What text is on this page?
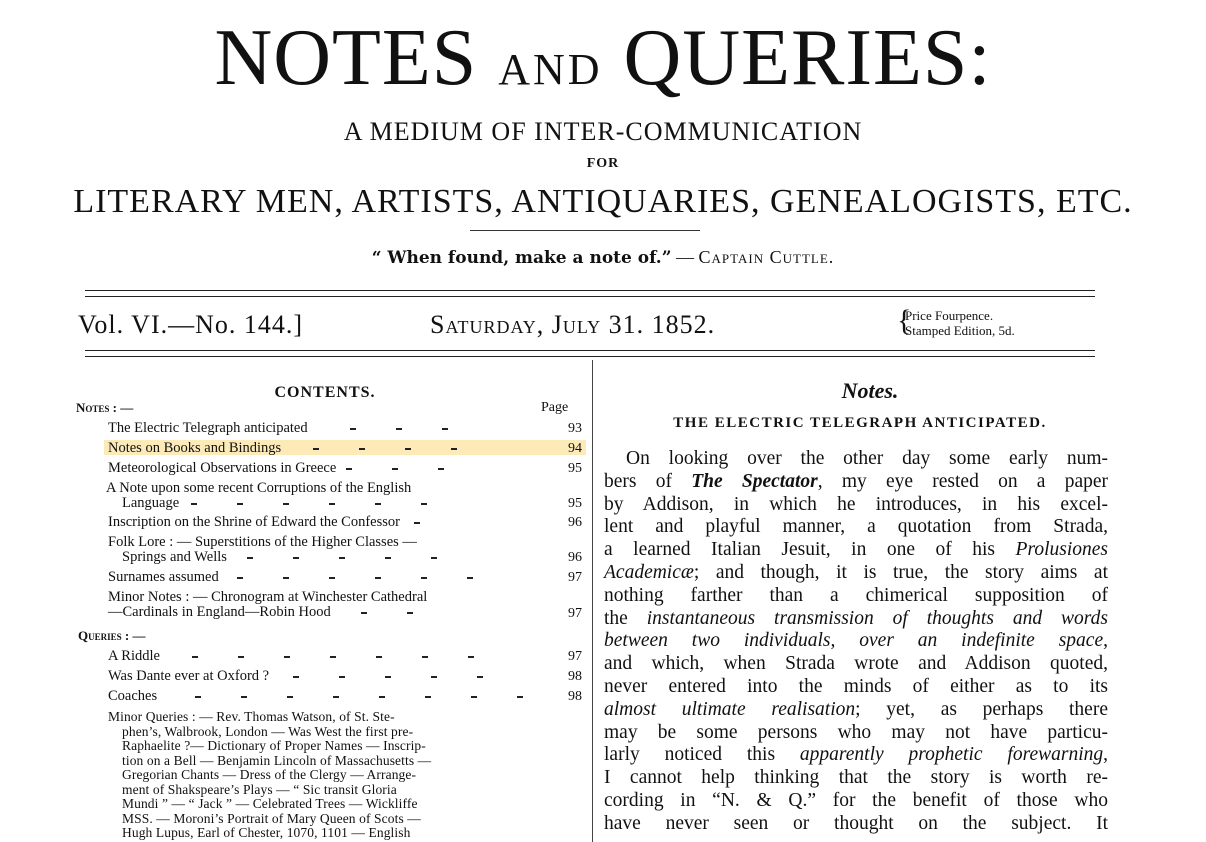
NOTES AND QUERIES:
A MEDIUM OF INTER-COMMUNICATION
FOR
LITERARY MEN, ARTISTS, ANTIQUARIES, GENEALOGISTS, ETC.
“ When found, make a note of.” — Captain Cuttle.
Vol. VI.—No. 144.]	Saturday, July 31. 1852.	{
Price Fourpence.
Stamped Edition, 5d.
CONTENTS.
Notes : —	Page
The Electric Telegraph anticipated	93
Notes on Books and Bindings	94
Meteorological Observations in Greece	95
A Note upon some recent Corruptions of the English
Language	95
Inscription on the Shrine of Edward the Confessor	96
Folk Lore : — Superstitions of the Higher Classes —
Springs and Wells	96
Surnames assumed	97
Minor Notes : — Chronogram at Winchester Cathedral
—Cardinals in England—Robin Hood	97
Queries : —
A Riddle	97
Was Dante ever at Oxford ?	98
Coaches	98
Minor Queries : — Rev. Thomas Watson, of St. Ste-
phen’s, Walbrook, London — Was West the first pre-
Raphaelite ?— Dictionary of Proper Names — Inscrip-
tion on a Bell — Benjamin Lincoln of Massachusetts —
Gregorian Chants — Dress of the Clergy — Arrange-
ment of Shakspeare’s Plays — “ Sic transit Gloria
Mundi ” — “ Jack ” — Celebrated Trees — Wickliffe
MSS. — Moroni’s Portrait of Mary Queen of Scots —
Hugh Lupus, Earl of Chester, 1070, 1101 — English
Notes.
THE ELECTRIC TELEGRAPH ANTICIPATED.
On looking over the other day some early num-
bers of The Spectator, my eye rested on a paper
by Addison, in which he introduces, in his excel-
lent and playful manner, a quotation from Strada,
a learned Italian Jesuit, in one of his Prolusiones
Academicæ; and though, it is true, the story aims at
nothing farther than a chimerical supposition of
the instantaneous transmission of thoughts and words
between two individuals, over an indefinite space,
and which, when Strada wrote and Addison quoted,
never entered into the minds of either as to its
almost ultimate realisation; yet, as perhaps there
may be some persons who may not have particu-
larly noticed this apparently prophetic forewarning,
I cannot help thinking that the story is worth re-
cording in “N. & Q.” for the benefit of those who
have never seen or thought on the subject. It
